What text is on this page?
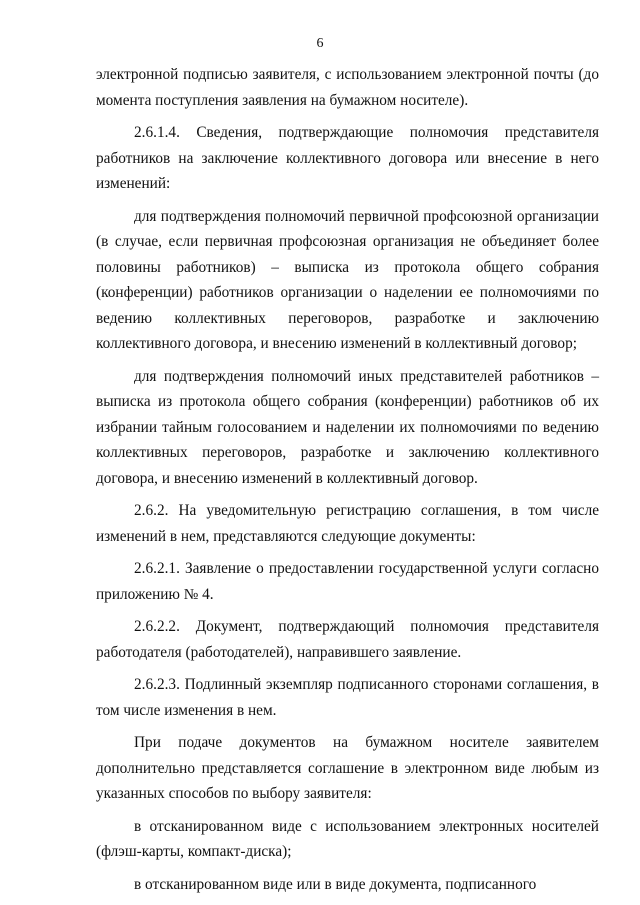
6

электронной подписью заявителя, с использованием электронной почты (до момента поступления заявления на бумажном носителе).

2.6.1.4. Сведения, подтверждающие полномочия представителя работников на заключение коллективного договора или внесение в него изменений:

для подтверждения полномочий первичной профсоюзной организации (в случае, если первичная профсоюзная организация не объединяет более половины работников) – выписка из протокола общего собрания (конференции) работников организации о наделении ее полномочиями по ведению коллективных переговоров, разработке и заключению коллективного договора, и внесению изменений в коллективный договор;

для подтверждения полномочий иных представителей работников – выписка из протокола общего собрания (конференции) работников об их избрании тайным голосованием и наделении их полномочиями по ведению коллективных переговоров, разработке и заключению коллективного договора, и внесению изменений в коллективный договор.

2.6.2. На уведомительную регистрацию соглашения, в том числе изменений в нем, представляются следующие документы:

2.6.2.1. Заявление о предоставлении государственной услуги согласно приложению № 4.

2.6.2.2. Документ, подтверждающий полномочия представителя работодателя (работодателей), направившего заявление.

2.6.2.3. Подлинный экземпляр подписанного сторонами соглашения, в том числе изменения в нем.

При подаче документов на бумажном носителе заявителем дополнительно представляется соглашение в электронном виде любым из указанных способов по выбору заявителя:

в отсканированном виде с использованием электронных носителей (флэш-карты, компакт-диска);

в отсканированном виде или в виде документа, подписанного
